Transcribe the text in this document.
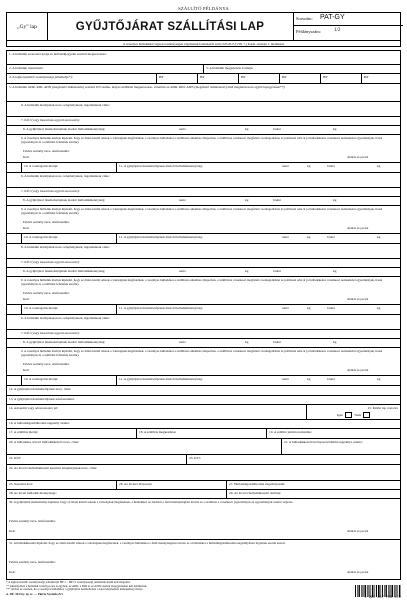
SZÁLLÍTÓ PÉLDÁNYA
„Gy” lap	GYŰJTŐJÁRAT SZÁLLÍTÁSI LAP
Sorszám: PAT-GY
Példányszám:	1/2
A veszélyes hulladékkal végzett tevékenységek végzésének feltételeiről szóló 225/2015 (VIII. 7.) Korm. rendelet 1. melléklete
1. A hulladék azonosító kódja és hulladékjegyzék szerinti megnevezése:
2. A hulladék összetétele:	3. A hulladék megjelenési formája:
4. A legkorszerűbb veszélyességi jellemzője*):	HP	HP	HP	HP	HP	HP
5. A hulladék ADR, RID, ADN (megfelelő aláhúzandó) szerinti UN száma, helyes szállítási megnevezése, valamint az ADR, RID, ADN (megfelelő aláhúzandó) által meghatározott egyéb bejegyzések**):
6. A hulladék átadójának neve, telephelyének, ingatlanának címe:
7. KÜJ (vagy hasonlóan egyedi azonosító):
8. A gyűjtőjárat üzemeltetőjének átadott hulladékmennyiség:	nettó	kg	bruttó	kg
9. A veszélyes hulladék átadója kijelenti, hogy az általa közölt adatok a valóságnak megfelelnek, a veszélyes hulladékot a szállításra alkalmas állapotban, a szállításra vonatkozó megfelelő csomagolásban és jelöléssel adta át (a hulladékokra vonatkozó nemzetközi egyezmények, hazai jogszabályok és a szállítási feltételek szerint).
Felelős személy neve, telefonszáma:
Kelt:	Aláírás és pecsét
10. A csomagolás módja:	11. A gyűjtőjárat üzemeltetőjének átadott hulladékmennyiség:	nettó	kg	bruttó	kg
6. A hulladék átadójának neve, telephelyének, ingatlanának címe:
7. KÜJ (vagy hasonlóan egyedi azonosító):
8. A gyűjtőjárat üzemeltetőjének átadott hulladékmennyiség:	nettó	kg	bruttó	kg
9. A veszélyes hulladék átadója kijelenti, hogy az általa közölt adatok a valóságnak megfelelnek, a veszélyes hulladékot a szállításra alkalmas állapotban, a szállításra vonatkozó megfelelő csomagolásban és jelöléssel adta át (a hulladékokra vonatkozó nemzetközi egyezmények, hazai jogszabályok és a szállítási feltételek szerint).
Felelős személy neve, telefonszáma:
Kelt:	Aláírás és pecsét
10. A csomagolás módja:	11. A gyűjtőjárat üzemeltetőjének átadott hulladékmennyiség:	nettó	kg	bruttó	kg
6. A hulladék átadójának neve, telephelyének, ingatlanának címe:
7. KÜJ (vagy hasonlóan egyedi azonosító):
8. A gyűjtőjárat üzemeltetőjének átadott hulladékmennyiség:	nettó	kg	bruttó	kg
9. A veszélyes hulladék átadója kijelenti, hogy az általa közölt adatok a valóságnak megfelelnek, a veszélyes hulladékot a szállításra alkalmas állapotban, a szállításra vonatkozó megfelelő csomagolásban és jelöléssel adta át (a hulladékokra vonatkozó nemzetközi egyezmények, hazai jogszabályok és a szállítási feltételek szerint).
Felelős személy neve, telefonszáma:
Kelt:	Aláírás és pecsét
10. A csomagolás módja:	11. A gyűjtőjárat üzemeltetőjének átadott hulladékmennyiség:	nettó	kg	bruttó	kg
6. A hulladék átadójának neve, telephelyének, ingatlanának címe:
7. KÜJ (vagy hasonlóan egyedi azonosító):
8. A gyűjtőjárat üzemeltetőjének átadott hulladékmennyiség:	nettó	kg	bruttó	kg
9. A veszélyes hulladék átadója kijelenti, hogy az általa közölt adatok a valóságnak megfelelnek, a veszélyes hulladékot a szállításra alkalmas állapotban, a szállításra vonatkozó megfelelő csomagolásban és jelöléssel adta át (a hulladékokra vonatkozó nemzetközi egyezmények, hazai jogszabályok és a szállítási feltételek szerint).
Felelős személy neve, telefonszáma:
Kelt:	Aláírás és pecsét
10. A csomagolás módja:	11. A gyűjtőjárat üzemeltetőjének átadott hulladékmennyiség:	nettó	kg	bruttó	kg
12. A gyűjtőjárat üzemeltetőjének neve, címe:
13. A gyűjtőjárat üzemeltetőjének telefonszáma:
14. Adószám vagy adóazonosító jel:	15. Külön lap csatolva
Igen	Nem
16. A hulladékgazdálkodási engedély száma:
17. A szállítás módja:	18. A szállítás megkezdése:	19. A szállító jármű rendszáma:
20. A hulladékot átvevő hulladékkezelő neve, címe:	21. A hulladékkezelő környezetvédelmi engedélye száma:
22. KÜJ:	23. KTJ:
24. Az átvevő hulladékkezelő kezelési telephelyének neve, címe:
25. Kezelési kód:	26. Az átvétel időpontja:	27. Hulladékgazdálkodási engedélyszám:
28. Az átvett hulladék mennyisége:	29. Az átvevő hulladékkezelő aláírása:
30. A gyűjtőjárat üzemeltetője kijelenti, hogy az általa közölt adatok a valóságnak megfelelnek, a hulladékot az átadótól a fenti mennyiségben átvette és a szállítást a vonatkozó jogszabályok és egyezmények szerint végezte.
Felelős személy neve, telefonszáma:
Kelt:	Aláírás és pecsét
31. A hulladékkezelő kijelenti, hogy az általa közölt adatok a valóságnak megfelelnek, a veszélyes hulladékot a fenti mennyiségben átvette és a hulladékot a hulladékgazdálkodási engedélyében foglaltak szerint kezeli.
Felelős személy neve, telefonszáma:
Kelt:	Aláírás és pecsét
* A legkorszerűbb veszélyességi jellemzőjét HP 1 – HP 15 veszélyességi jellemzők közül kell megadni.
** Amennyiben a hulladék veszélyes áru is egyben, az ADR, a RID és az ADN szerinti bejegyzéseket kell feltüntetni.
*** Abban az esetben, ha a veszélyes hulladékot a gyűjtőjárat üzemeltetője a saját telephelyén átmenetileg tárolja.
A. DE. 501/Gy. új. n.: — Pátria Nyomda Zrt.
5 990 287 728 472
